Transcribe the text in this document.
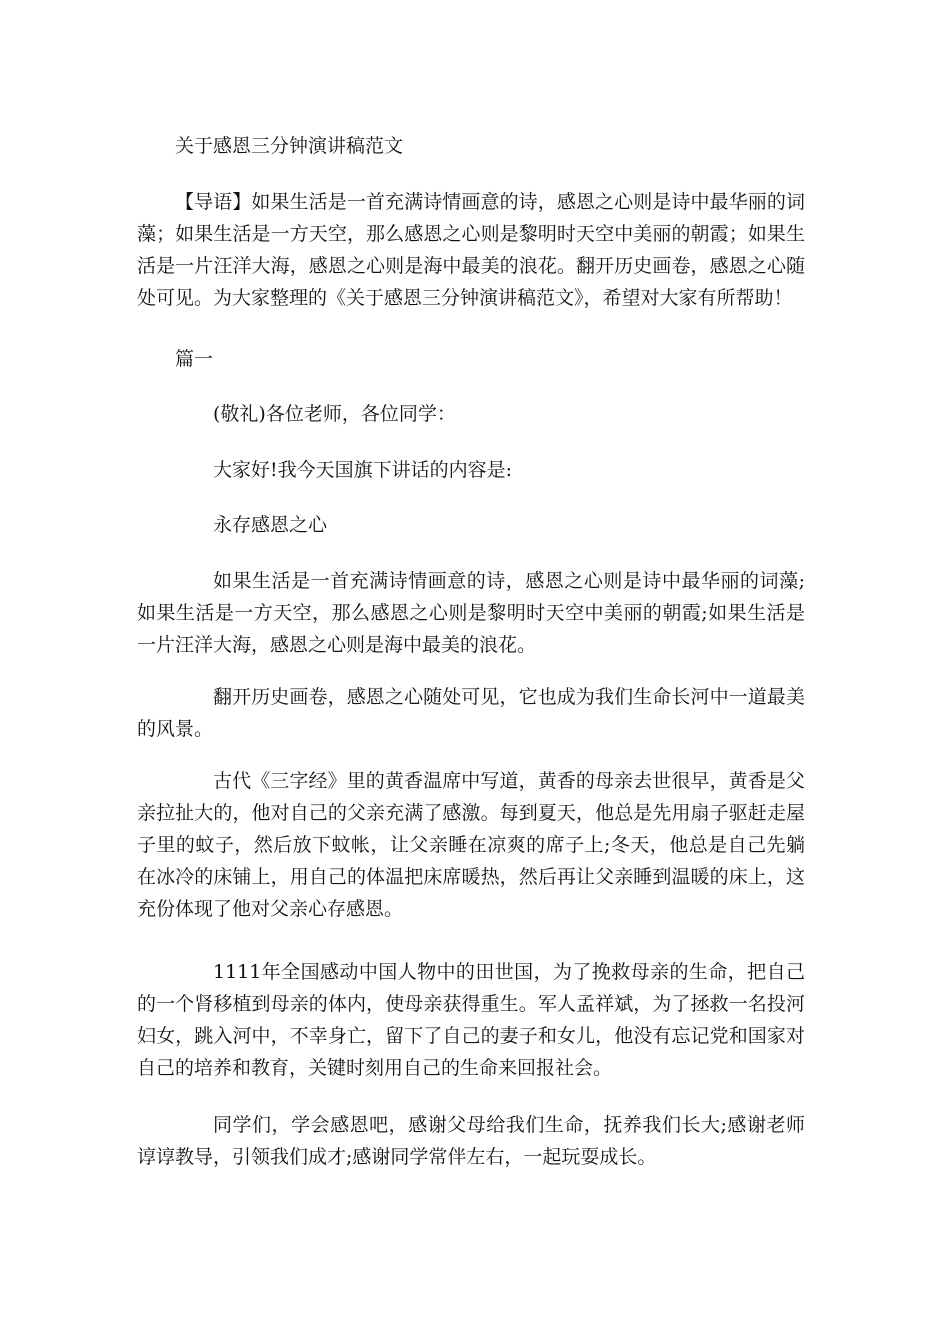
关于感恩三分钟演讲稿范文
【导语】如果生活是一首充满诗情画意的诗，感恩之心则是诗中最华丽的词藻；如果生活是一方天空，那么感恩之心则是黎明时天空中美丽的朝霞；如果生活是一片汪洋大海，感恩之心则是海中最美的浪花。翻开历史画卷，感恩之心随处可见。为大家整理的《关于感恩三分钟演讲稿范文》，希望对大家有所帮助！
篇一
(敬礼)各位老师，各位同学：
大家好!我今天国旗下讲话的内容是:
永存感恩之心
如果生活是一首充满诗情画意的诗，感恩之心则是诗中最华丽的词藻;如果生活是一方天空，那么感恩之心则是黎明时天空中美丽的朝霞;如果生活是一片汪洋大海，感恩之心则是海中最美的浪花。
翻开历史画卷，感恩之心随处可见，它也成为我们生命长河中一道最美的风景。
古代《三字经》里的黄香温席中写道，黄香的母亲去世很早，黄香是父亲拉扯大的，他对自己的父亲充满了感激。每到夏天，他总是先用扇子驱赶走屋子里的蚊子，然后放下蚊帐，让父亲睡在凉爽的席子上;冬天，他总是自己先躺在冰冷的床铺上，用自己的体温把床席暖热，然后再让父亲睡到温暖的床上，这充份体现了他对父亲心存感恩。
1111年全国感动中国人物中的田世国，为了挽救母亲的生命，把自己的一个肾移植到母亲的体内，使母亲获得重生。军人孟祥斌，为了拯救一名投河妇女，跳入河中，不幸身亡，留下了自己的妻子和女儿，他没有忘记党和国家对自己的培养和教育，关键时刻用自己的生命来回报社会。
同学们，学会感恩吧，感谢父母给我们生命，抚养我们长大;感谢老师谆谆教导，引领我们成才;感谢同学常伴左右，一起玩耍成长。
